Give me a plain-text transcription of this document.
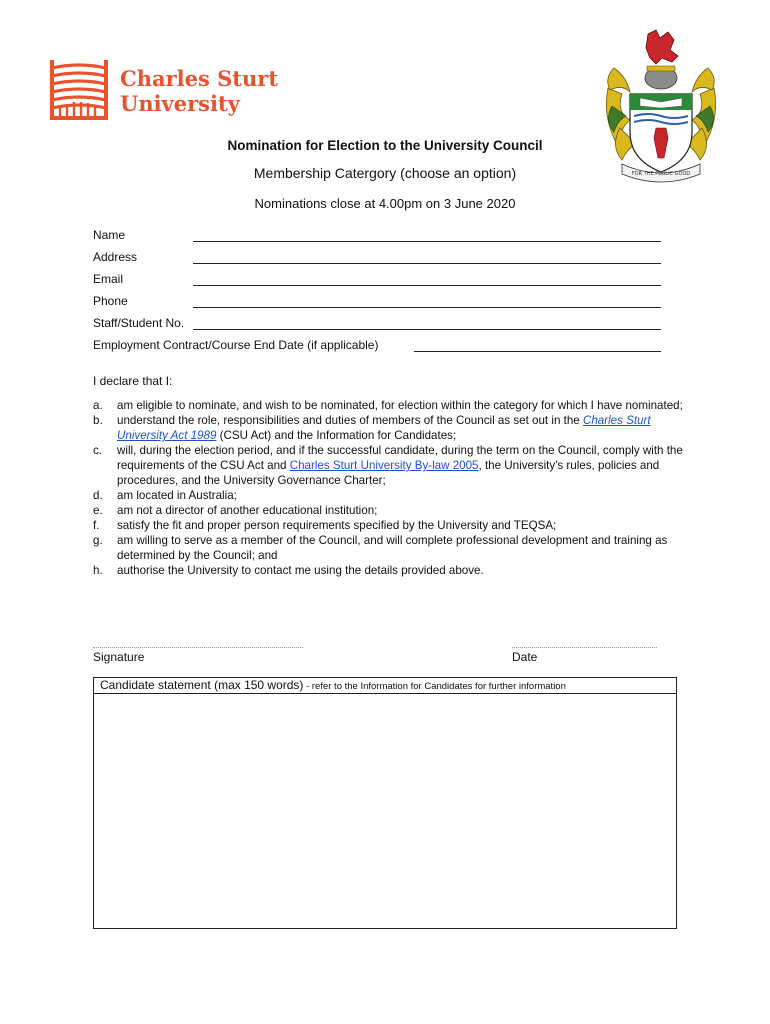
Charles Sturt
University
FOR THE PUBLIC GOOD
Nomination for Election to the University Council
Membership Catergory (choose an option)
Nominations close at 4.00pm on 3 June 2020
Name
Address
Email
Phone
Staff/Student No.
Employment Contract/Course End Date (if applicable)
I declare that I:
a. am eligible to nominate, and wish to be nominated, for election within the category for which I have nominated;
b. understand the role, responsibilities and duties of members of the Council as set out in the Charles Sturt University Act 1989 (CSU Act) and the Information for Candidates;
c. will, during the election period, and if the successful candidate, during the term on the Council, comply with the requirements of the CSU Act and Charles Sturt University By-law 2005, the University's rules, policies and procedures, and the University Governance Charter;
d. am located in Australia;
e. am not a director of another educational institution;
f. satisfy the fit and proper person requirements specified by the University and TEQSA;
g. am willing to serve as a member of the Council, and will complete professional development and training as determined by the Council; and
h. authorise the University to contact me using the details provided above.
Signature	Date
Candidate statement (max 150 words) - refer to the Information for Candidates for further information
